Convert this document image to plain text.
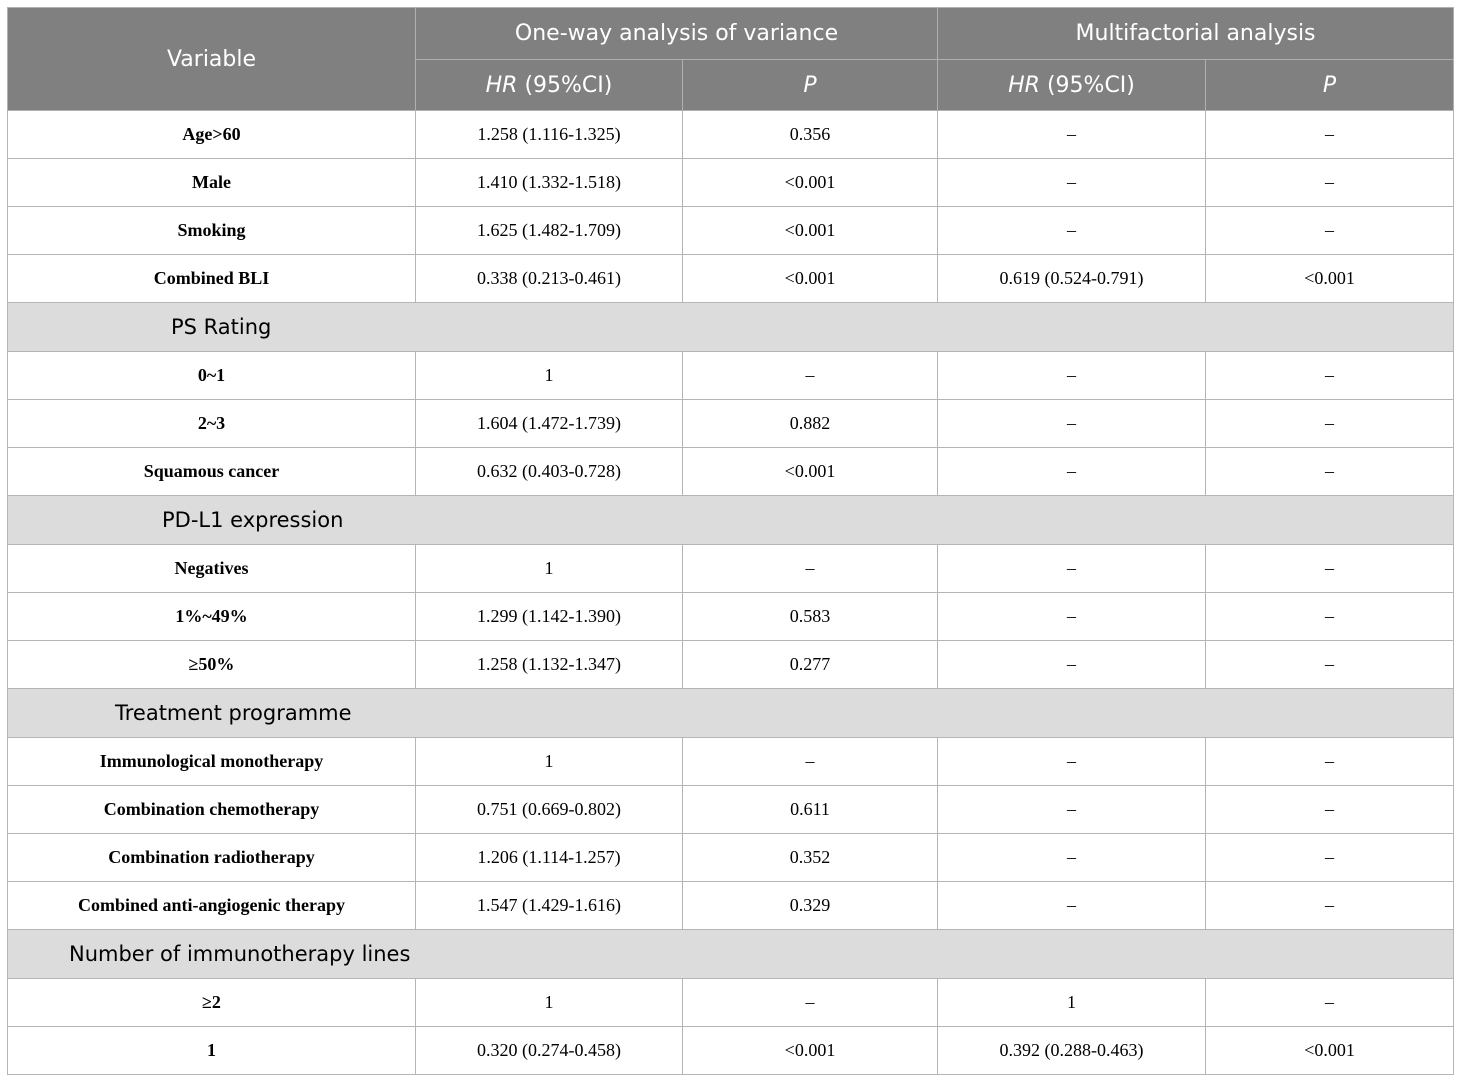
Variable	One-way analysis of variance		Multifactorial analysis	
	HR (95%CI)	P	HR (95%CI)	P
Age>60	1.258 (1.116-1.325)	0.356	–	–
Male	1.410 (1.332-1.518)	<0.001	–	–
Smoking	1.625 (1.482-1.709)	<0.001	–	–
Combined BLI	0.338 (0.213-0.461)	<0.001	0.619 (0.524-0.791)	<0.001
PS Rating				
0~1	1	–	–	–
2~3	1.604 (1.472-1.739)	0.882	–	–
Squamous cancer	0.632 (0.403-0.728)	<0.001	–	–
PD-L1 expression				
Negatives	1	–	–	–
1%~49%	1.299 (1.142-1.390)	0.583	–	–
≥50%	1.258 (1.132-1.347)	0.277	–	–
Treatment programme				
Immunological monotherapy	1	–	–	–
Combination chemotherapy	0.751 (0.669-0.802)	0.611	–	–
Combination radiotherapy	1.206 (1.114-1.257)	0.352	–	–
Combined anti-angiogenic therapy	1.547 (1.429-1.616)	0.329	–	–
Number of immunotherapy lines				
≥2	1	–	1	–
1	0.320 (0.274-0.458)	<0.001	0.392 (0.288-0.463)	<0.001
